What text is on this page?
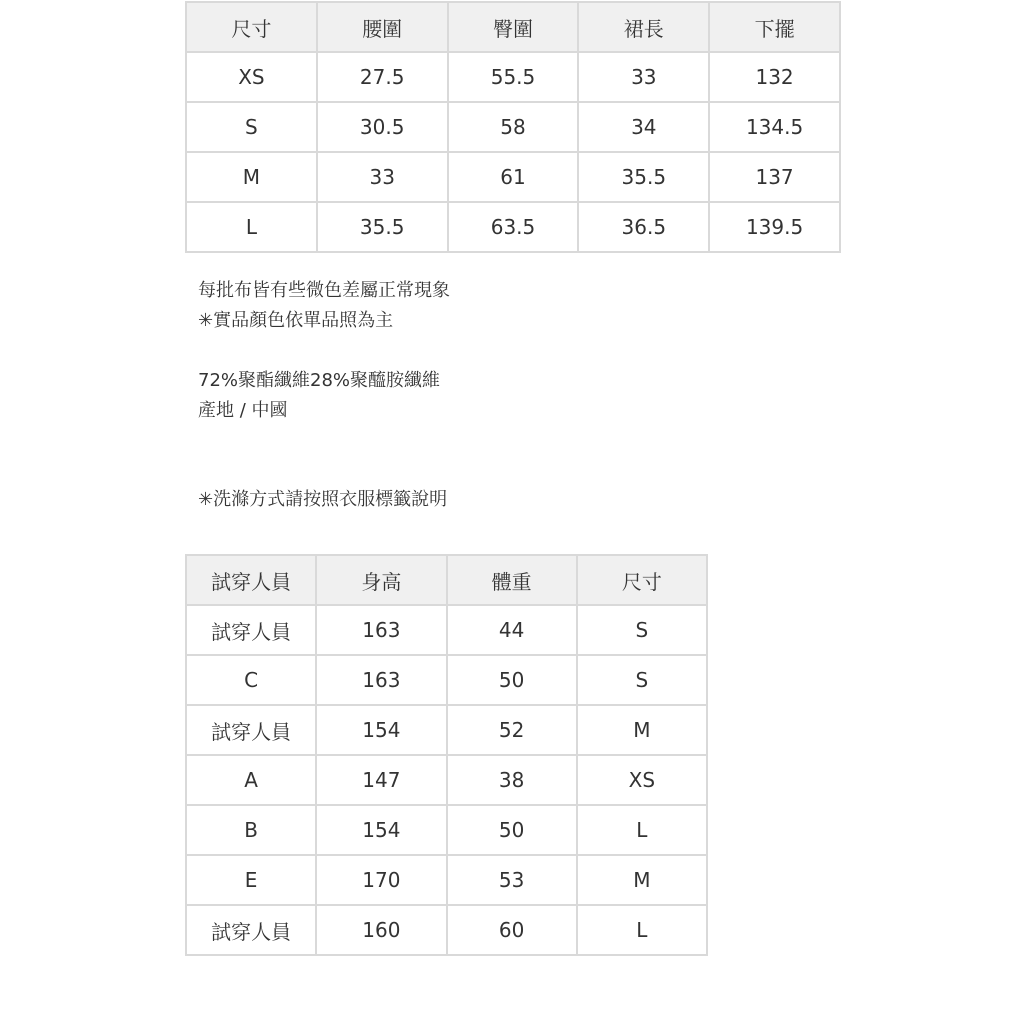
尺寸	腰圍	臀圍	裙長	下擺
XS	27.5	55.5	33	132
S	30.5	58	34	134.5
M	33	61	35.5	137
L	35.5	63.5	36.5	139.5
每批布皆有些微色差屬正常現象
✳實品顏色依單品照為主
72%聚酯纖維28%聚醯胺纖維
產地 / 中國
✳洗滌方式請按照衣服標籤說明
試穿人員	身高	體重	尺寸
試穿人員	163	44	S
C	163	50	S
試穿人員	154	52	M
A	147	38	XS
B	154	50	L
E	170	53	M
試穿人員	160	60	L
